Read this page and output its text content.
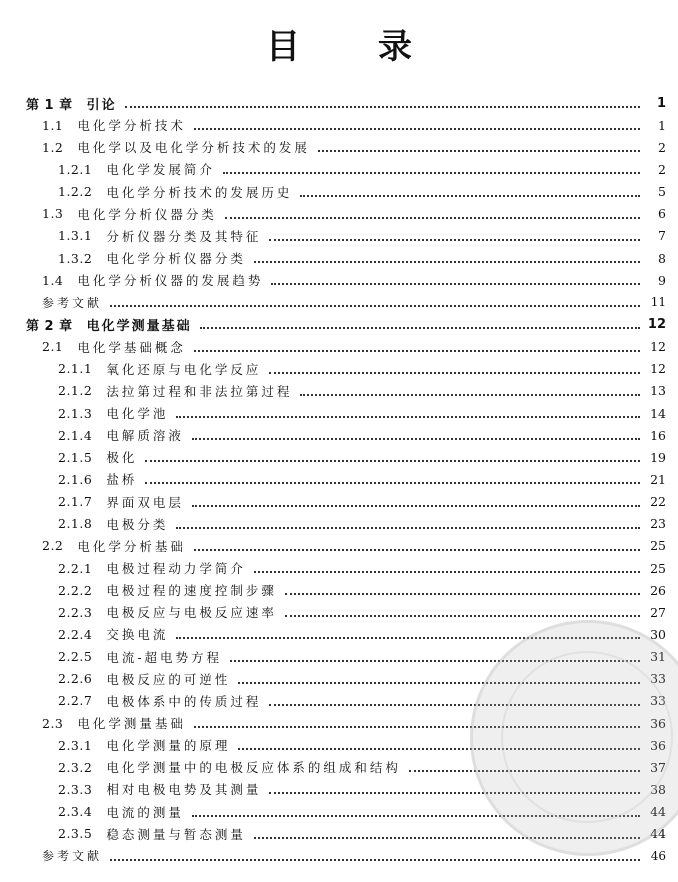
目 录
第 1 章 引论	1
1.1 电化学分析技术	1
1.2 电化学以及电化学分析技术的发展	2
1.2.1 电化学发展简介	2
1.2.2 电化学分析技术的发展历史	5
1.3 电化学分析仪器分类	6
1.3.1 分析仪器分类及其特征	7
1.3.2 电化学分析仪器分类	8
1.4 电化学分析仪器的发展趋势	9
参考文献	11
第 2 章 电化学测量基础	12
2.1 电化学基础概念	12
2.1.1 氧化还原与电化学反应	12
2.1.2 法拉第过程和非法拉第过程	13
2.1.3 电化学池	14
2.1.4 电解质溶液	16
2.1.5 极化	19
2.1.6 盐桥	21
2.1.7 界面双电层	22
2.1.8 电极分类	23
2.2 电化学分析基础	25
2.2.1 电极过程动力学简介	25
2.2.2 电极过程的速度控制步骤	26
2.2.3 电极反应与电极反应速率	27
2.2.4 交换电流	30
2.2.5 电流-超电势方程	31
2.2.6 电极反应的可逆性	33
2.2.7 电极体系中的传质过程	33
2.3 电化学测量基础	36
2.3.1 电化学测量的原理	36
2.3.2 电化学测量中的电极反应体系的组成和结构	37
2.3.3 相对电极电势及其测量	38
2.3.4 电流的测量	44
2.3.5 稳态测量与暂态测量	44
参考文献	46
